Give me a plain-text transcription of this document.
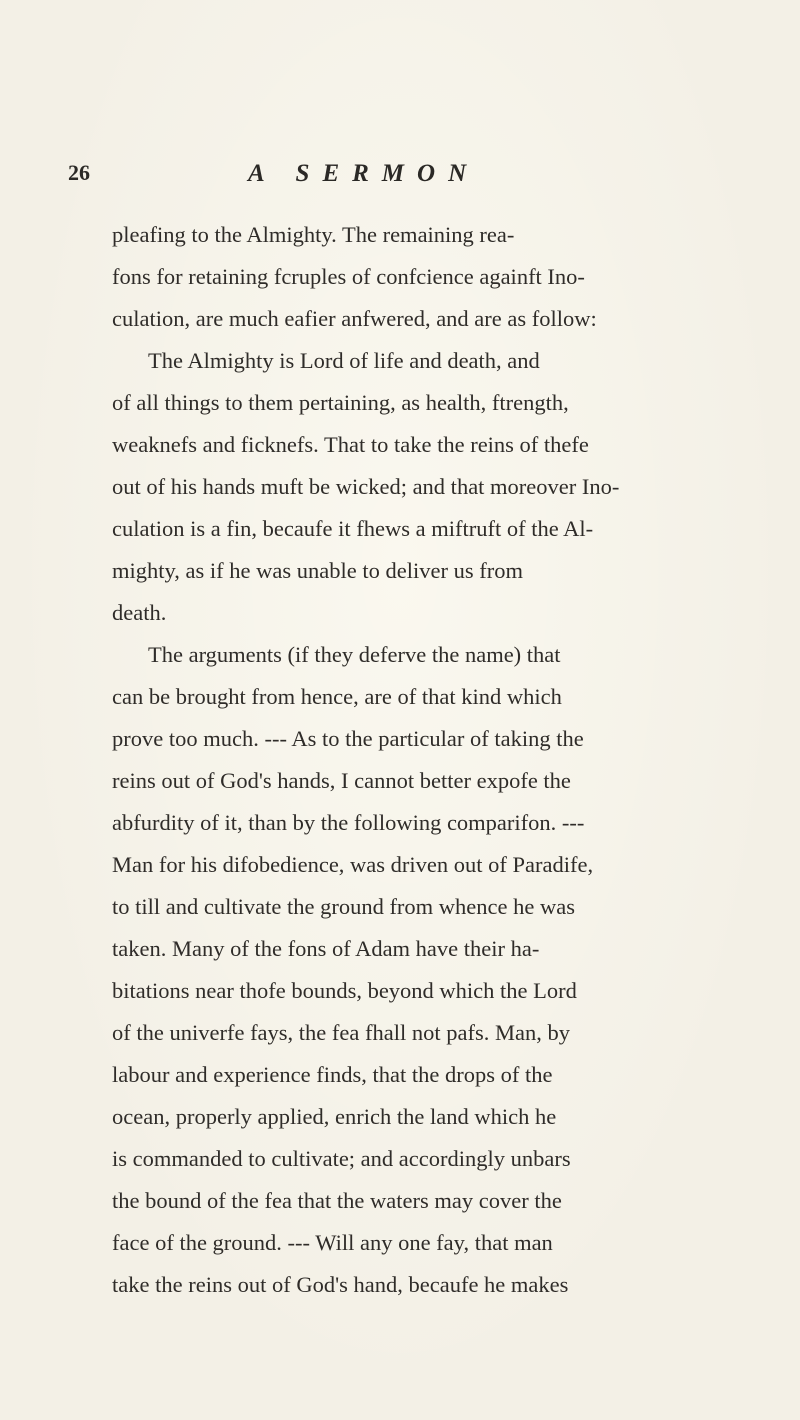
26	A SERMON
pleafing to the Almighty. The remaining rea-
fons for retaining fcruples of confcience againft Ino-
culation, are much eafier anfwered, and are as follow:
The Almighty is Lord of life and death, and
of all things to them pertaining, as health, ftrength,
weaknefs and ficknefs. That to take the reins of thefe
out of his hands muft be wicked; and that moreover Ino-
culation is a fin, becaufe it fhews a miftruft of the Al-
mighty, as if he was unable to deliver us from
death.
The arguments (if they deferve the name) that
can be brought from hence, are of that kind which
prove too much. --- As to the particular of taking the
reins out of God's hands, I cannot better expofe the
abfurdity of it, than by the following comparifon. ---
Man for his difobedience, was driven out of Paradife,
to till and cultivate the ground from whence he was
taken. Many of the fons of Adam have their ha-
bitations near thofe bounds, beyond which the Lord
of the univerfe fays, the fea fhall not pafs. Man, by
labour and experience finds, that the drops of the
ocean, properly applied, enrich the land which he
is commanded to cultivate; and accordingly unbars
the bound of the fea that the waters may cover the
face of the ground. --- Will any one fay, that man
take the reins out of God's hand, becaufe he makes
